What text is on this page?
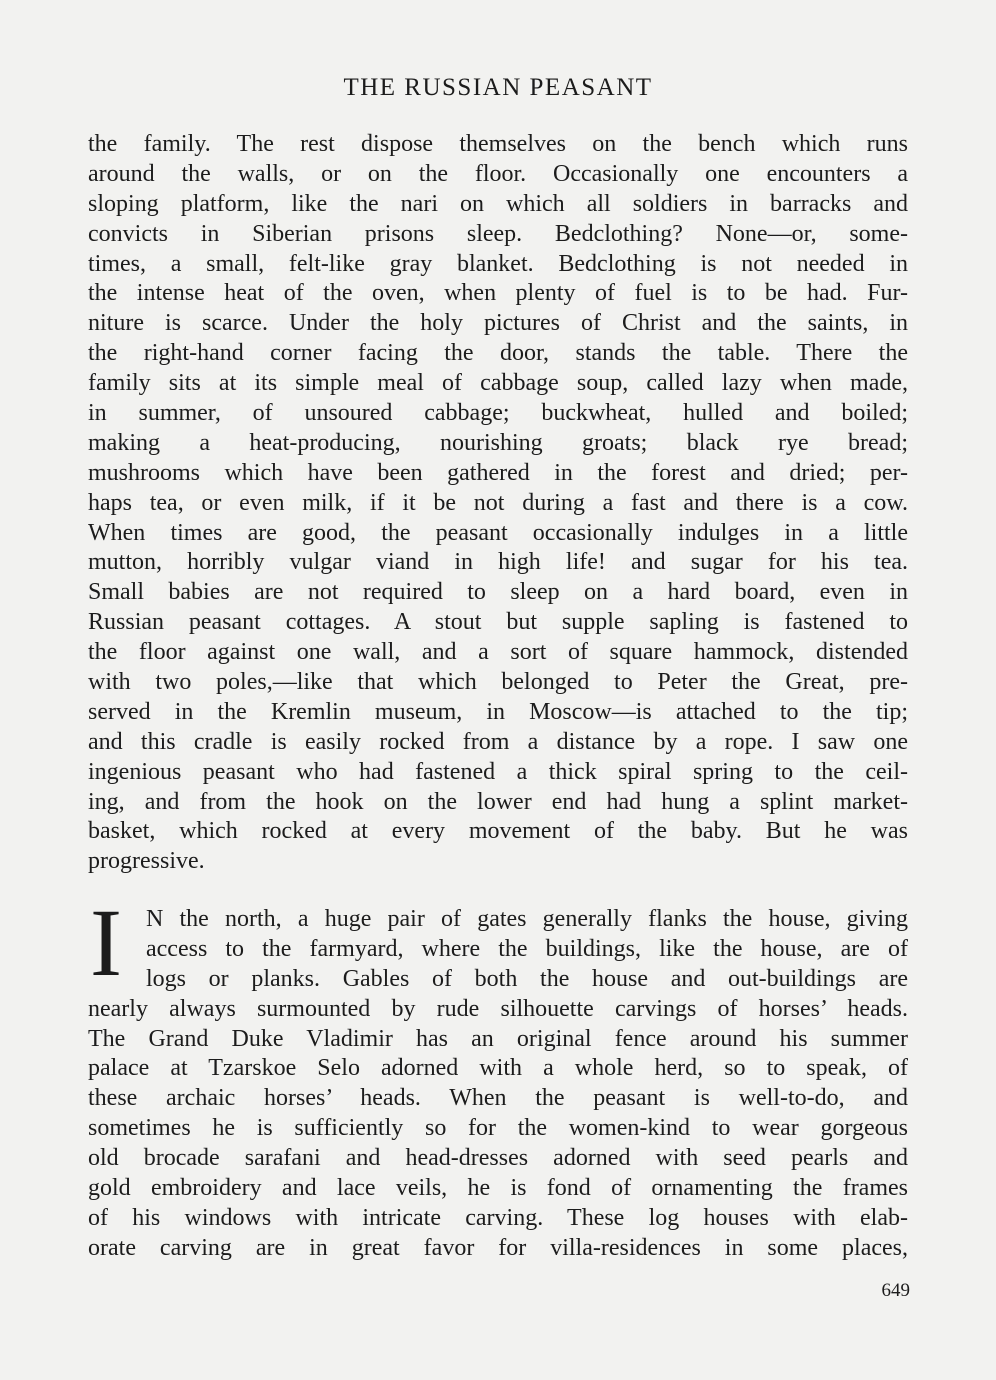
THE RUSSIAN PEASANT
the family. The rest dispose themselves on the bench which runs
around the walls, or on the floor. Occasionally one encounters a
sloping platform, like the nari on which all soldiers in barracks and
convicts in Siberian prisons sleep. Bedclothing? None—or, some-
times, a small, felt-like gray blanket. Bedclothing is not needed in
the intense heat of the oven, when plenty of fuel is to be had. Fur-
niture is scarce. Under the holy pictures of Christ and the saints, in
the right-hand corner facing the door, stands the table. There the
family sits at its simple meal of cabbage soup, called lazy when made,
in summer, of unsoured cabbage; buckwheat, hulled and boiled;
making a heat-producing, nourishing groats; black rye bread;
mushrooms which have been gathered in the forest and dried; per-
haps tea, or even milk, if it be not during a fast and there is a cow.
When times are good, the peasant occasionally indulges in a little
mutton, horribly vulgar viand in high life! and sugar for his tea.
Small babies are not required to sleep on a hard board, even in
Russian peasant cottages. A stout but supple sapling is fastened to
the floor against one wall, and a sort of square hammock, distended
with two poles,—like that which belonged to Peter the Great, pre-
served in the Kremlin museum, in Moscow—is attached to the tip;
and this cradle is easily rocked from a distance by a rope. I saw one
ingenious peasant who had fastened a thick spiral spring to the ceil-
ing, and from the hook on the lower end had hung a splint market-
basket, which rocked at every movement of the baby. But he was
progressive.
I N the north, a huge pair of gates generally flanks the house, giving
access to the farmyard, where the buildings, like the house, are of
logs or planks. Gables of both the house and out-buildings are
nearly always surmounted by rude silhouette carvings of horses’ heads.
The Grand Duke Vladimir has an original fence around his summer
palace at Tzarskoe Selo adorned with a whole herd, so to speak, of
these archaic horses’ heads. When the peasant is well-to-do, and
sometimes he is sufficiently so for the women-kind to wear gorgeous
old brocade sarafani and head-dresses adorned with seed pearls and
gold embroidery and lace veils, he is fond of ornamenting the frames
of his windows with intricate carving. These log houses with elab-
orate carving are in great favor for villa-residences in some places,
649
